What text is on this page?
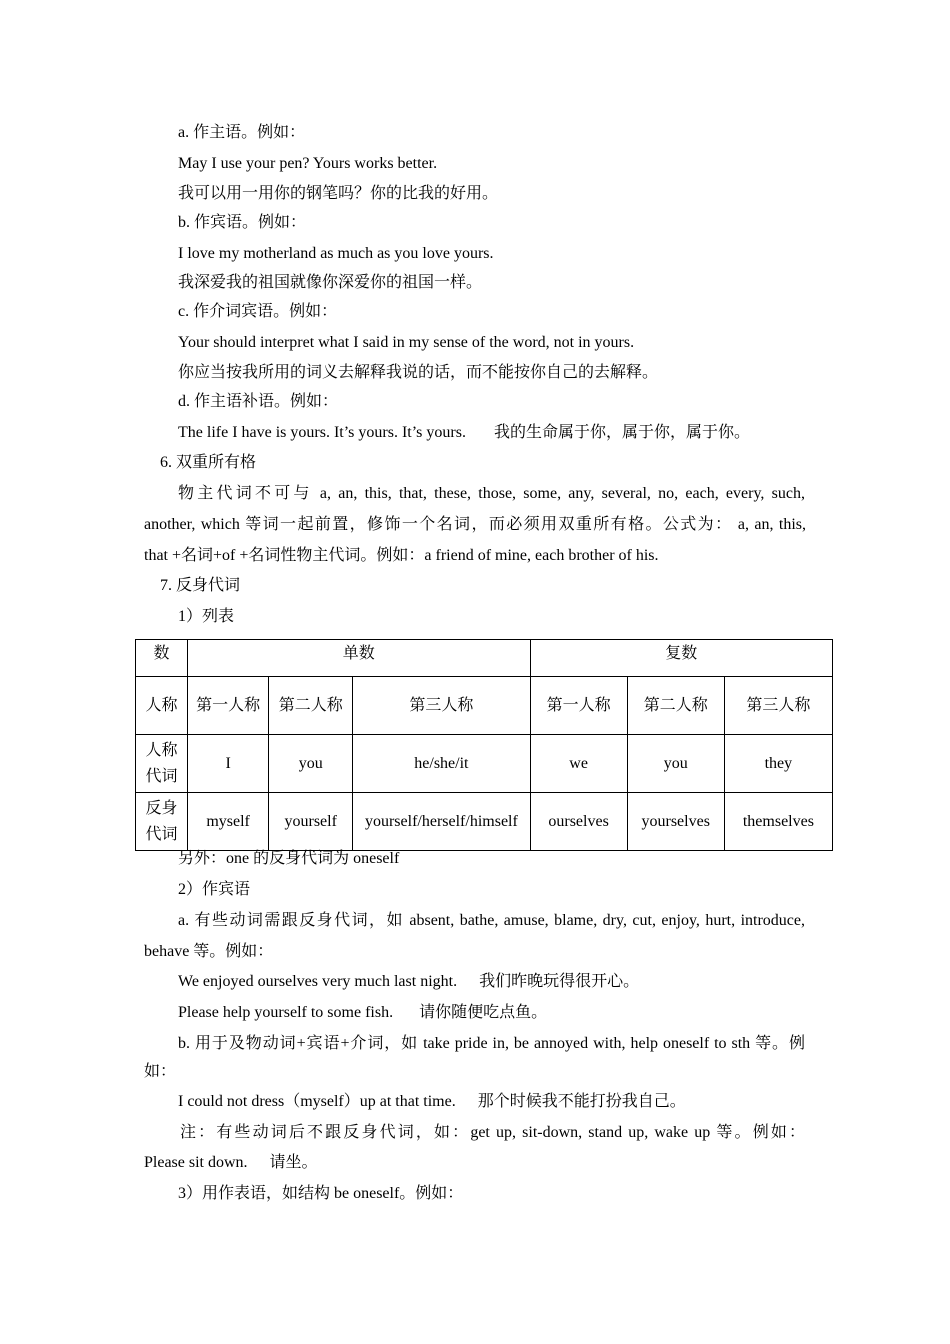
a. 作主语。例如：
May I use your pen? Yours works better.
我可以用一用你的钢笔吗？你的比我的好用。
b. 作宾语。例如：
I love my motherland as much as you love yours.
我深爱我的祖国就像你深爱你的祖国一样。
c. 作介词宾语。例如：
Your should interpret what I said in my sense of the word, not in yours.
你应当按我所用的词义去解释我说的话，而不能按你自己的去解释。
d. 作主语补语。例如：
The life I have is yours. It’s yours. It’s yours. 我的生命属于你，属于你，属于你。
6. 双重所有格
物主代词不可与 a, an, this, that, these, those, some, any, several, no, each, every, such,
another, which 等词一起前置，修饰一个名词，而必须用双重所有格。公式为： a, an, this,
that +名词+of +名词性物主代词。例如：a friend of mine, each brother of his.
7. 反身代词
1）列表
数	单数			复数		
人称	第一人称	第二人称	第三人称	第一人称	第二人称	第三人称
人称代词	I	you	he/she/it	we	you	they
反身代词	myself	yourself	yourself/herself/himself	ourselves	yourselves	themselves
另外：one 的反身代词为 oneself
2）作宾语
a. 有些动词需跟反身代词，如 absent, bathe, amuse, blame, dry, cut, enjoy, hurt, introduce,
behave 等。例如：
We enjoyed ourselves very much last night. 我们昨晚玩得很开心。
Please help yourself to some fish. 请你随便吃点鱼。
b. 用于及物动词+宾语+介词，如 take pride in, be annoyed with, help oneself to sth 等。例
如：
I could not dress（myself）up at that time. 那个时候我不能打扮我自己。
注：有些动词后不跟反身代词，如：get up, sit-down, stand up, wake up 等。例如：
Please sit down. 请坐。
3）用作表语，如结构 be oneself。例如：
